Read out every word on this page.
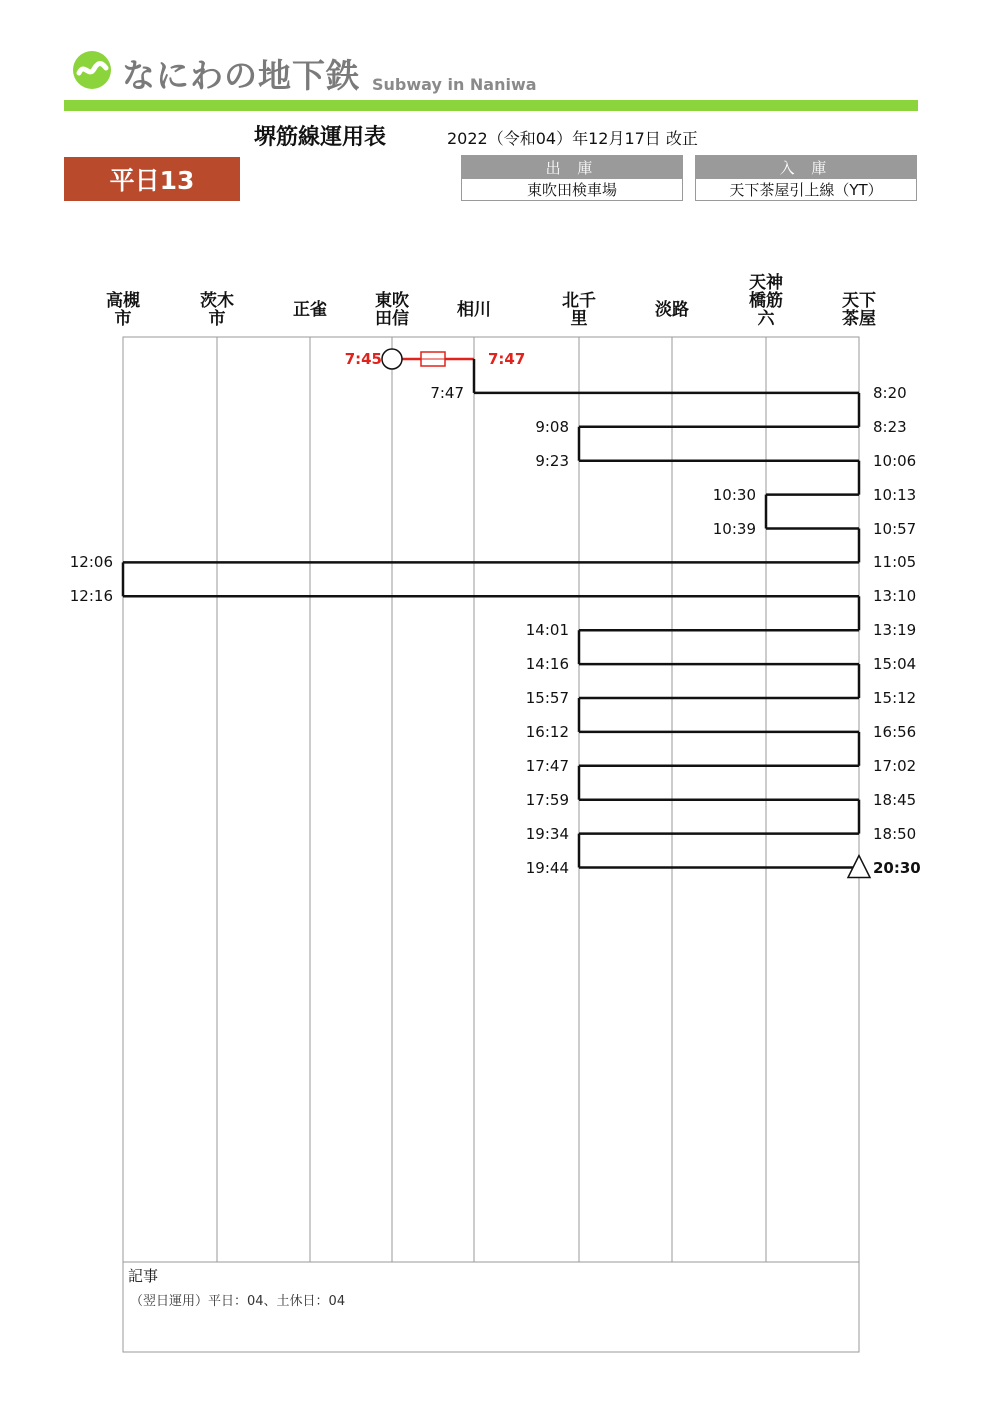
なにわの地下鉄 Subway in Naniwa
堺筋線運用表	2022（令和04）年12月17日 改正
平日13	出 庫
東吹田検車場
入 庫
天下茶屋引上線（YT）
高槻市
茨木市	正雀	東吹田信	相川	北千里	淡路
天神橋筋六
天下茶屋
7:45	7:47
7:47	8:20
9:08	8:23
9:23	10:06
10:30	10:13
10:39	10:57
12:06	11:05
12:16	13:10
14:01	13:19
14:16	15:04
15:57	15:12
16:12	16:56
17:47	17:02
17:59	18:45
19:34	18:50
19:44	20:30
記事
（翌日運用）平日：04、土休日：04
